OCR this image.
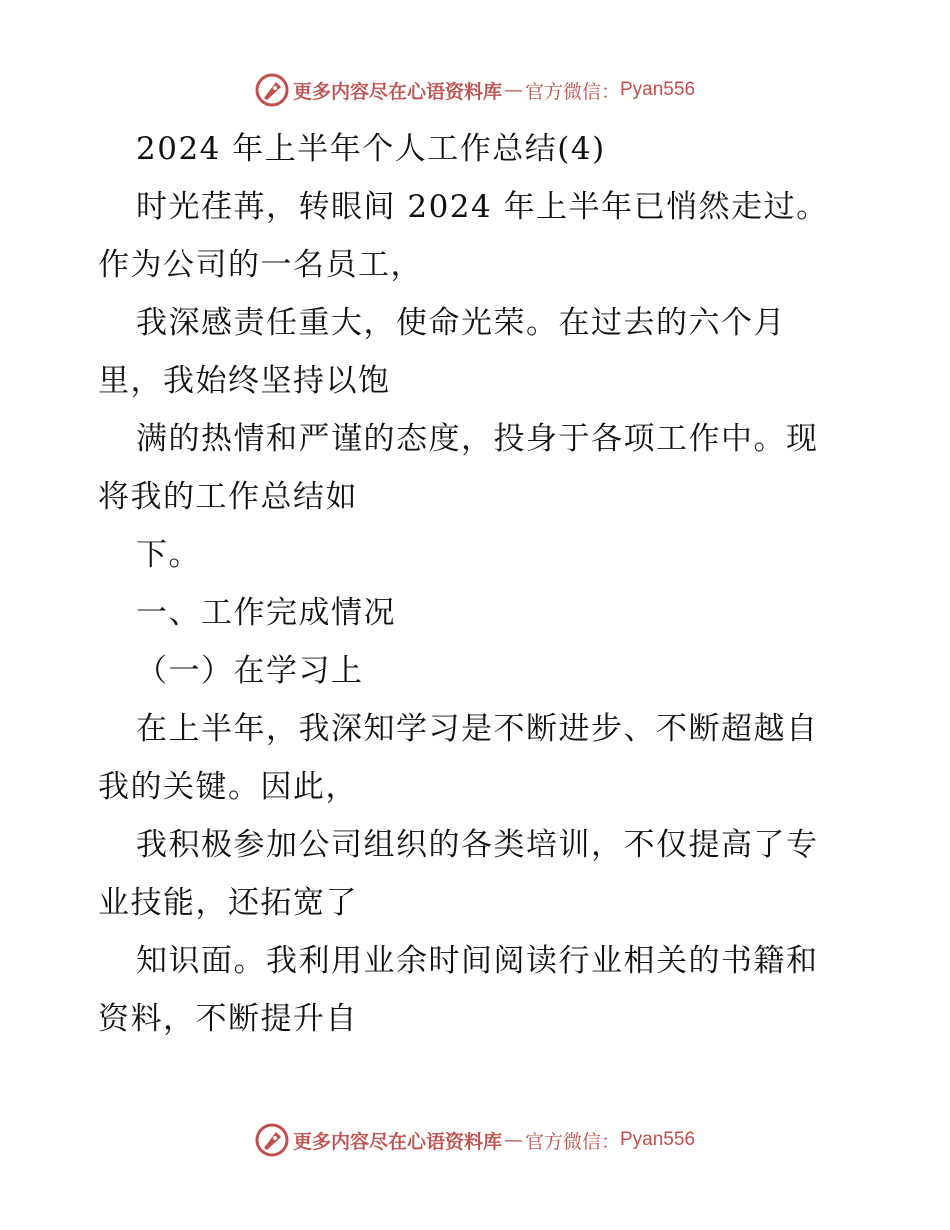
更多内容尽在心语资料库 — 官方微信： Pyan556

2024 年上半年个人工作总结(4)

时光荏苒，转眼间 2024 年上半年已悄然走过。

作为公司的一名员工，

我深感责任重大，使命光荣。在过去的六个月

里，我始终坚持以饱

满的热情和严谨的态度，投身于各项工作中。现

将我的工作总结如

下。

一、工作完成情况

（一）在学习上

在上半年，我深知学习是不断进步、不断超越自

我的关键。因此，

我积极参加公司组织的各类培训，不仅提高了专

业技能，还拓宽了

知识面。我利用业余时间阅读行业相关的书籍和

资料，不断提升自

更多内容尽在心语资料库 — 官方微信： Pyan556
